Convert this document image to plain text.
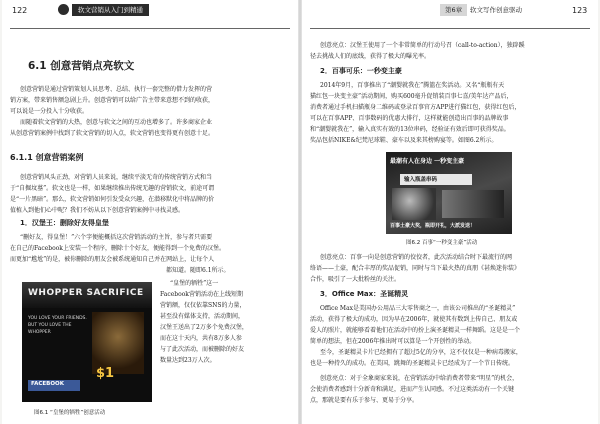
122	软文营销从入门到精通
6.1 创意营销点亮软文
创意营销是通过营销策划人员思考、总结、执行一套完整的借力发挥的营
销方案，带来销售额急剧上升。创意营销可以给广告主带来意想不到的收获，
可以说是一分投入十分收获。
而随着软文营销的大热，创意与软文之间的互动也增多了。许多商家企业
从创意营销案例中找到了软文营销的切入点，软文营销也变得更有创意十足。
6.1.1 创意营销案例
创意营销风头正劲，对营销人员来说，继续平淡无奇的传统营销方式和当
于“自掘坟墓”。软文也是一样，如果继续推出传统无趣的营销软文，前途可谓
是“一片黑暗”。那么，软文营销如何引发受众兴趣，在潜移默化中将品牌的价
值植入到他们心中呢？我们不妨从以下创意营销案例中寻找灵感。
1．汉堡王：删除好友得皇堡
“删好友，得皇堡！”六个字便能概括这次营销活动的主旨，参与者只需要
在自己的Facebook上安装一个程序，删除十个好友，便能得到一个免费的汉堡。
而更加“尴尬”的是，被你删除的朋友会被系统通知自己并在网站上，让每个人
都知道。随即6.1所示。
WHOPPER SACRIFICE
YOU LOVE YOUR FRIENDS.
BUT YOU LOVE THE
WHOPPER
$1
FACEBOOK
图6.1 “皇堡的牺牲”创意活动
“皇堡的牺牲”这一
Facebook营销活动在上线短期
营销额，仅仅依靠SNS的力量，
甚至没有媒体支持，活动期间，
汉堡王送出了2万多个免费汉堡，
而在这十天内，共有8万多人参
与了此次活动，而被删除的好友
数量达到23万人次。
第6章	软文写作创意驱动	123
创意亮点：汉堡王使用了一个非常简单的行动号召（call-to-action），独辟蹊
径去挑战人们的底线，获得了极大的曝光率。
2．百事可乐：一秒变主豪
2014年9月，百事推出了“潮婴就我在”腾篮在奖活动。又名“瓶瓶有天
猫红包一块变主豪”活动期间，购买600毫升促销装百事七喜/美年达产品后，
消费者通过手机扫描瓶身二维码或登录百事官方APP进行猫红包，获得红包后，
可以在百事APP、百事数码的优惠大排行，这样就能创造出百事的品牌故事
和“潮婴就我在”，输入真实有效的13位串码，经验证有效后即可获得奖品。
奖品包括NIKE&纪梵尼球鞋、豪车以及来其榜购宴等。如图6.2所示。
最潮有人在身边 一秒变主豪
输入瓶盖串码
百事土豪大奖，瓶即开礼，大派发送！
图6.2 百事“一秒变主豪”活动
创意亮点：百事一向是创意营销的佼佼者，此次活动结合时下最流行的网
络语——土豪，配合丰厚的奖品促销，同时与当下最火热的真朋《甚焕迷你装》
合作，吸引了一大批粉丝的关注。
3．Office Max：圣诞精灵
Office Max是美国办公用品三大零售商之一，由该公司推出的“圣诞精灵”
活动，获得了极大的成功，因为早在2006年，就使其有数到上传自己、朋友或
爱人的照片，就能够看着他们在活动中的扮上演圣诞精灵一样舞蹈。这是是一个
简单的想法，但在2006年推出时可以算是一个开创性的举动。
至今，圣诞精灵卡片已经拥有了超过5亿的分享，这不仅仅是一种病毒搬家，
也是一种持久的成功。在美国，跳舞的圣诞精灵卡已经成为了一个节日传统。
创意亮点：对于全象商家来说，在营销活动中给消费者带来“明星”的机会，
会使消费者感到十分新奇和满足，进而产生认同感。不过这类活动有一个关键
点，那就是要有乐于参与、更易于分享。
